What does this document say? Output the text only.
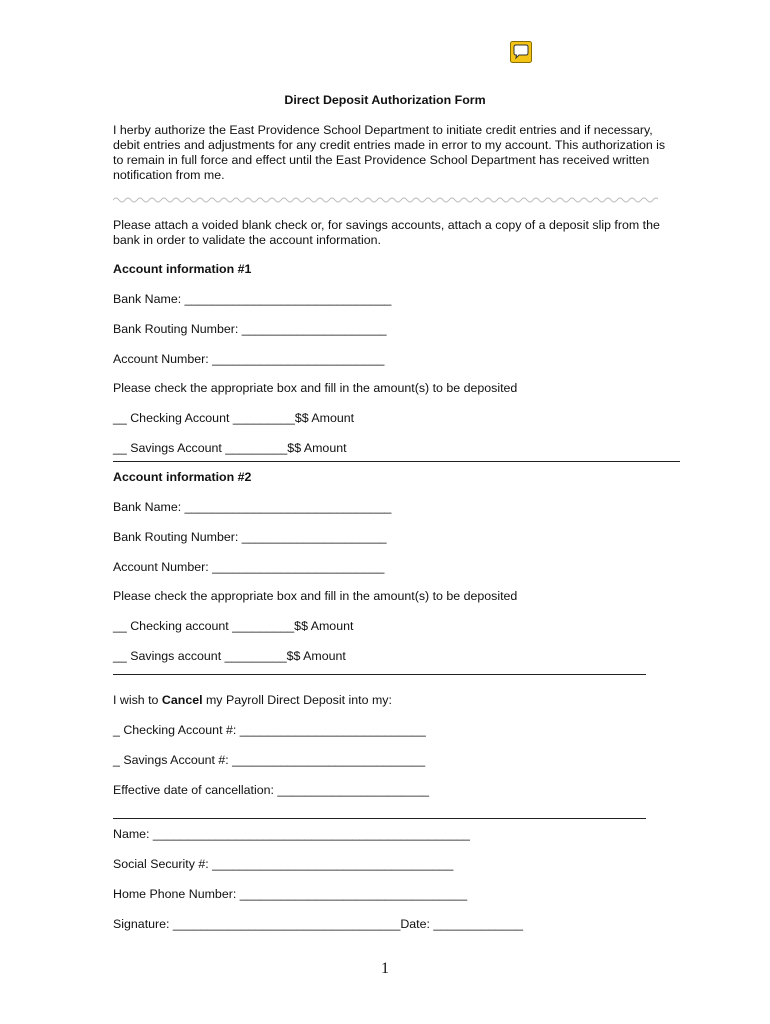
Direct Deposit Authorization Form
I herby authorize the East Providence School Department to initiate credit entries and if necessary, debit entries and adjustments for any credit entries made in error to my account. This authorization is to remain in full force and effect until the East Providence School Department has received written notification from me.
Please attach a voided blank check or, for savings accounts, attach a copy of a deposit slip from the bank in order to validate the account information.
Account information #1
Bank Name: ______________________________
Bank Routing Number: _____________________
Account Number: _________________________
Please check the appropriate box and fill in the amount(s) to be deposited
__ Checking Account _________$$ Amount
__ Savings Account _________$$ Amount
Account information #2
Bank Name: ______________________________
Bank Routing Number: _____________________
Account Number: _________________________
Please check the appropriate box and fill in the amount(s) to be deposited
__ Checking account _________$$ Amount
__ Savings account _________$$ Amount
I wish to Cancel my Payroll Direct Deposit into my:
_ Checking Account #: ___________________________
_ Savings Account #: ____________________________
Effective date of cancellation: ______________________
Name: ______________________________________________
Social Security #: ___________________________________
Home Phone Number: _________________________________
Signature: _________________________________Date: _____________
1
